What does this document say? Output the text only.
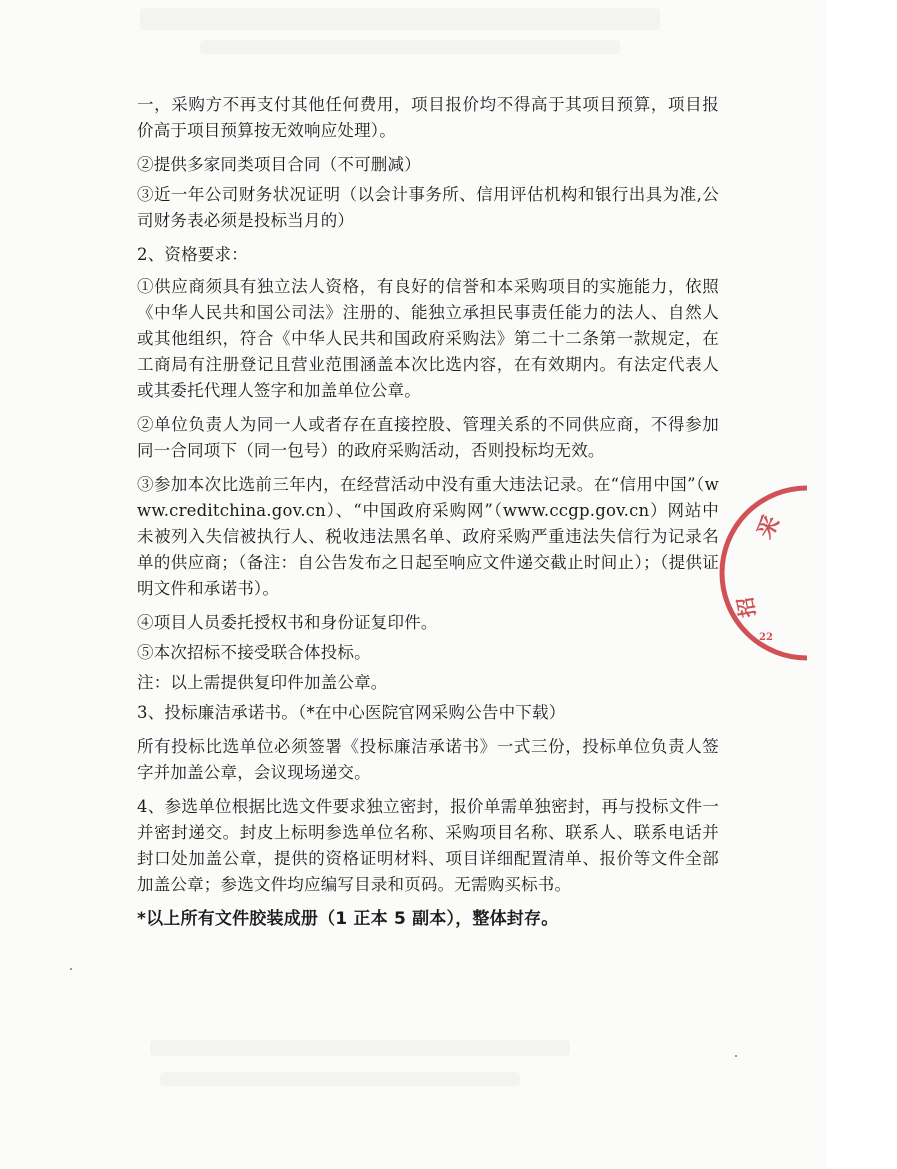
一，采购方不再支付其他任何费用，项目报价均不得高于其项目预算，项目报价高于项目预算按无效响应处理）。

②提供多家同类项目合同（不可删减）

③近一年公司财务状况证明（以会计事务所、信用评估机构和银行出具为准,公司财务表必须是投标当月的）

2、资格要求：

①供应商须具有独立法人资格，有良好的信誉和本采购项目的实施能力，依照《中华人民共和国公司法》注册的、能独立承担民事责任能力的法人、自然人或其他组织，符合《中华人民共和国政府采购法》第二十二条第一款规定，在工商局有注册登记且营业范围涵盖本次比选内容，在有效期内。有法定代表人或其委托代理人签字和加盖单位公章。

②单位负责人为同一人或者存在直接控股、管理关系的不同供应商，不得参加同一合同项下（同一包号）的政府采购活动，否则投标均无效。

③参加本次比选前三年内，在经营活动中没有重大违法记录。在“信用中国”（www.creditchina.gov.cn）、“中国政府采购网”（www.ccgp.gov.cn）网站中未被列入失信被执行人、税收违法黑名单、政府采购严重违法失信行为记录名单的供应商；（备注：自公告发布之日起至响应文件递交截止时间止）；（提供证明文件和承诺书）。

④项目人员委托授权书和身份证复印件。

⑤本次招标不接受联合体投标。

注：以上需提供复印件加盖公章。

3、投标廉洁承诺书。（*在中心医院官网采购公告中下载）

所有投标比选单位必须签署《投标廉洁承诺书》一式三份，投标单位负责人签字并加盖公章，会议现场递交。

4、参选单位根据比选文件要求独立密封，报价单需单独密封，再与投标文件一并密封递交。封皮上标明参选单位名称、采购项目名称、联系人、联系电话并封口处加盖公章，提供的资格证明材料、项目详细配置清单、报价等文件全部加盖公章；参选文件均应编写目录和页码。无需购买标书。

*以上所有文件胶装成册（1 正本 5 副本），整体封存。

采
招
22
